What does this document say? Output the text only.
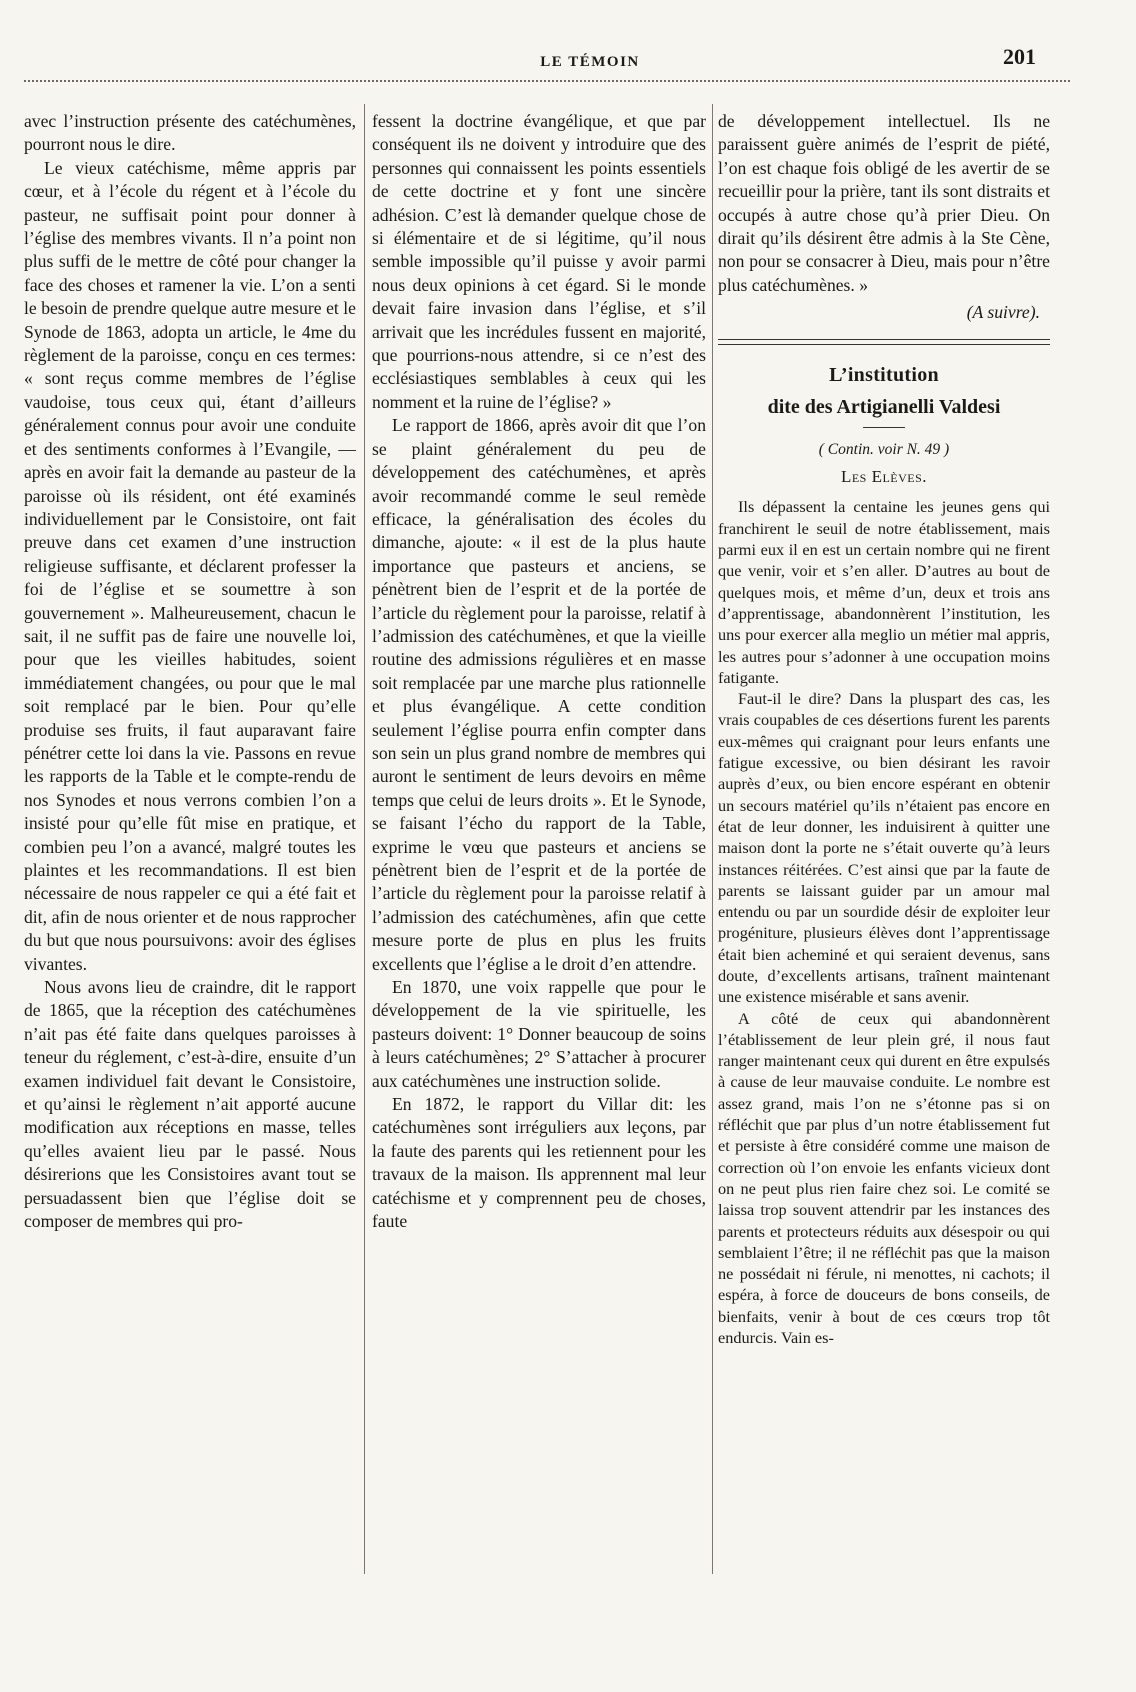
LE TÉMOIN	201

avec l’instruction présente des catéchumènes, pourront nous le dire.

Le vieux catéchisme, même appris par cœur, et à l’école du régent et à l’école du pasteur, ne suffisait point pour donner à l’église des membres vivants. Il n’a point non plus suffi de le mettre de côté pour changer la face des choses et ramener la vie. L’on a senti le besoin de prendre quelque autre mesure et le Synode de 1863, adopta un article, le 4me du règlement de la paroisse, conçu en ces termes: « sont reçus comme membres de l’église vaudoise, tous ceux qui, étant d’ailleurs généralement connus pour avoir une conduite et des sentiments conformes à l’Evangile, — après en avoir fait la demande au pasteur de la paroisse où ils résident, ont été examinés individuellement par le Consistoire, ont fait preuve dans cet examen d’une instruction religieuse suffisante, et déclarent professer la foi de l’église et se soumettre à son gouvernement ». Malheureusement, chacun le sait, il ne suffit pas de faire une nouvelle loi, pour que les vieilles habitudes, soient immédiatement changées, ou pour que le mal soit remplacé par le bien. Pour qu’elle produise ses fruits, il faut auparavant faire pénétrer cette loi dans la vie. Passons en revue les rapports de la Table et le compte-rendu de nos Synodes et nous verrons combien l’on a insisté pour qu’elle fût mise en pratique, et combien peu l’on a avancé, malgré toutes les plaintes et les recommandations. Il est bien nécessaire de nous rappeler ce qui a été fait et dit, afin de nous orienter et de nous rapprocher du but que nous poursuivons: avoir des églises vivantes.

Nous avons lieu de craindre, dit le rapport de 1865, que la réception des catéchumènes n’ait pas été faite dans quelques paroisses à teneur du réglement, c’est-à-dire, ensuite d’un examen individuel fait devant le Consistoire, et qu’ainsi le règlement n’ait apporté aucune modification aux réceptions en masse, telles qu’elles avaient lieu par le passé. Nous désirerions que les Consistoires avant tout se persuadassent bien que l’église doit se composer de membres qui pro-

fessent la doctrine évangélique, et que par conséquent ils ne doivent y introduire que des personnes qui connaissent les points essentiels de cette doctrine et y font une sincère adhésion. C’est là demander quelque chose de si élémentaire et de si légitime, qu’il nous semble impossible qu’il puisse y avoir parmi nous deux opinions à cet égard. Si le monde devait faire invasion dans l’église, et s’il arrivait que les incrédules fussent en majorité, que pourrions-nous attendre, si ce n’est des ecclésiastiques semblables à ceux qui les nomment et la ruine de l’église? »

Le rapport de 1866, après avoir dit que l’on se plaint généralement du peu de développement des catéchumènes, et après avoir recommandé comme le seul remède efficace, la généralisation des écoles du dimanche, ajoute: « il est de la plus haute importance que pasteurs et anciens, se pénètrent bien de l’esprit et de la portée de l’article du règlement pour la paroisse, relatif à l’admission des catéchumènes, et que la vieille routine des admissions régulières et en masse soit remplacée par une marche plus rationnelle et plus évangélique. A cette condition seulement l’église pourra enfin compter dans son sein un plus grand nombre de membres qui auront le sentiment de leurs devoirs en même temps que celui de leurs droits ». Et le Synode, se faisant l’écho du rapport de la Table, exprime le vœu que pasteurs et anciens se pénètrent bien de l’esprit et de la portée de l’article du règlement pour la paroisse relatif à l’admission des catéchumènes, afin que cette mesure porte de plus en plus les fruits excellents que l’église a le droit d’en attendre.

En 1870, une voix rappelle que pour le développement de la vie spirituelle, les pasteurs doivent: 1° Donner beaucoup de soins à leurs catéchumènes; 2° S’attacher à procurer aux catéchumènes une instruction solide.

En 1872, le rapport du Villar dit: les catéchumènes sont irréguliers aux leçons, par la faute des parents qui les retiennent pour les travaux de la maison. Ils apprennent mal leur catéchisme et y comprennent peu de choses, faute

de développement intellectuel. Ils ne paraissent guère animés de l’esprit de piété, l’on est chaque fois obligé de les avertir de se recueillir pour la prière, tant ils sont distraits et occupés à autre chose qu’à prier Dieu. On dirait qu’ils désirent être admis à la Ste Cène, non pour se consacrer à Dieu, mais pour n’être plus catéchumènes. »

(A suivre).

L’institution
dite des Artigianelli Valdesi

( Contin. voir N. 49 )

Les Elèves.

Ils dépassent la centaine les jeunes gens qui franchirent le seuil de notre établissement, mais parmi eux il en est un certain nombre qui ne firent que venir, voir et s’en aller. D’autres au bout de quelques mois, et même d’un, deux et trois ans d’apprentissage, abandonnèrent l’institution, les uns pour exercer alla meglio un métier mal appris, les autres pour s’adonner à une occupation moins fatigante.

Faut-il le dire? Dans la pluspart des cas, les vrais coupables de ces désertions furent les parents eux-mêmes qui craignant pour leurs enfants une fatigue excessive, ou bien désirant les ravoir auprès d’eux, ou bien encore espérant en obtenir un secours matériel qu’ils n’étaient pas encore en état de leur donner, les induisirent à quitter une maison dont la porte ne s’était ouverte qu’à leurs instances réitérées. C’est ainsi que par la faute de parents se laissant guider par un amour mal entendu ou par un sourdide désir de exploiter leur progéniture, plusieurs élèves dont l’apprentissage était bien acheminé et qui seraient devenus, sans doute, d’excellents artisans, traînent maintenant une existence misérable et sans avenir.

A côté de ceux qui abandonnèrent l’établissement de leur plein gré, il nous faut ranger maintenant ceux qui durent en être expulsés à cause de leur mauvaise conduite. Le nombre est assez grand, mais l’on ne s’étonne pas si on réfléchit que par plus d’un notre établissement fut et persiste à être considéré comme une maison de correction où l’on envoie les enfants vicieux dont on ne peut plus rien faire chez soi. Le comité se laissa trop souvent attendrir par les instances des parents et protecteurs réduits aux désespoir ou qui semblaient l’être; il ne réfléchit pas que la maison ne possédait ni férule, ni menottes, ni cachots; il espéra, à force de douceurs de bons conseils, de bienfaits, venir à bout de ces cœurs trop tôt endurcis. Vain es-
